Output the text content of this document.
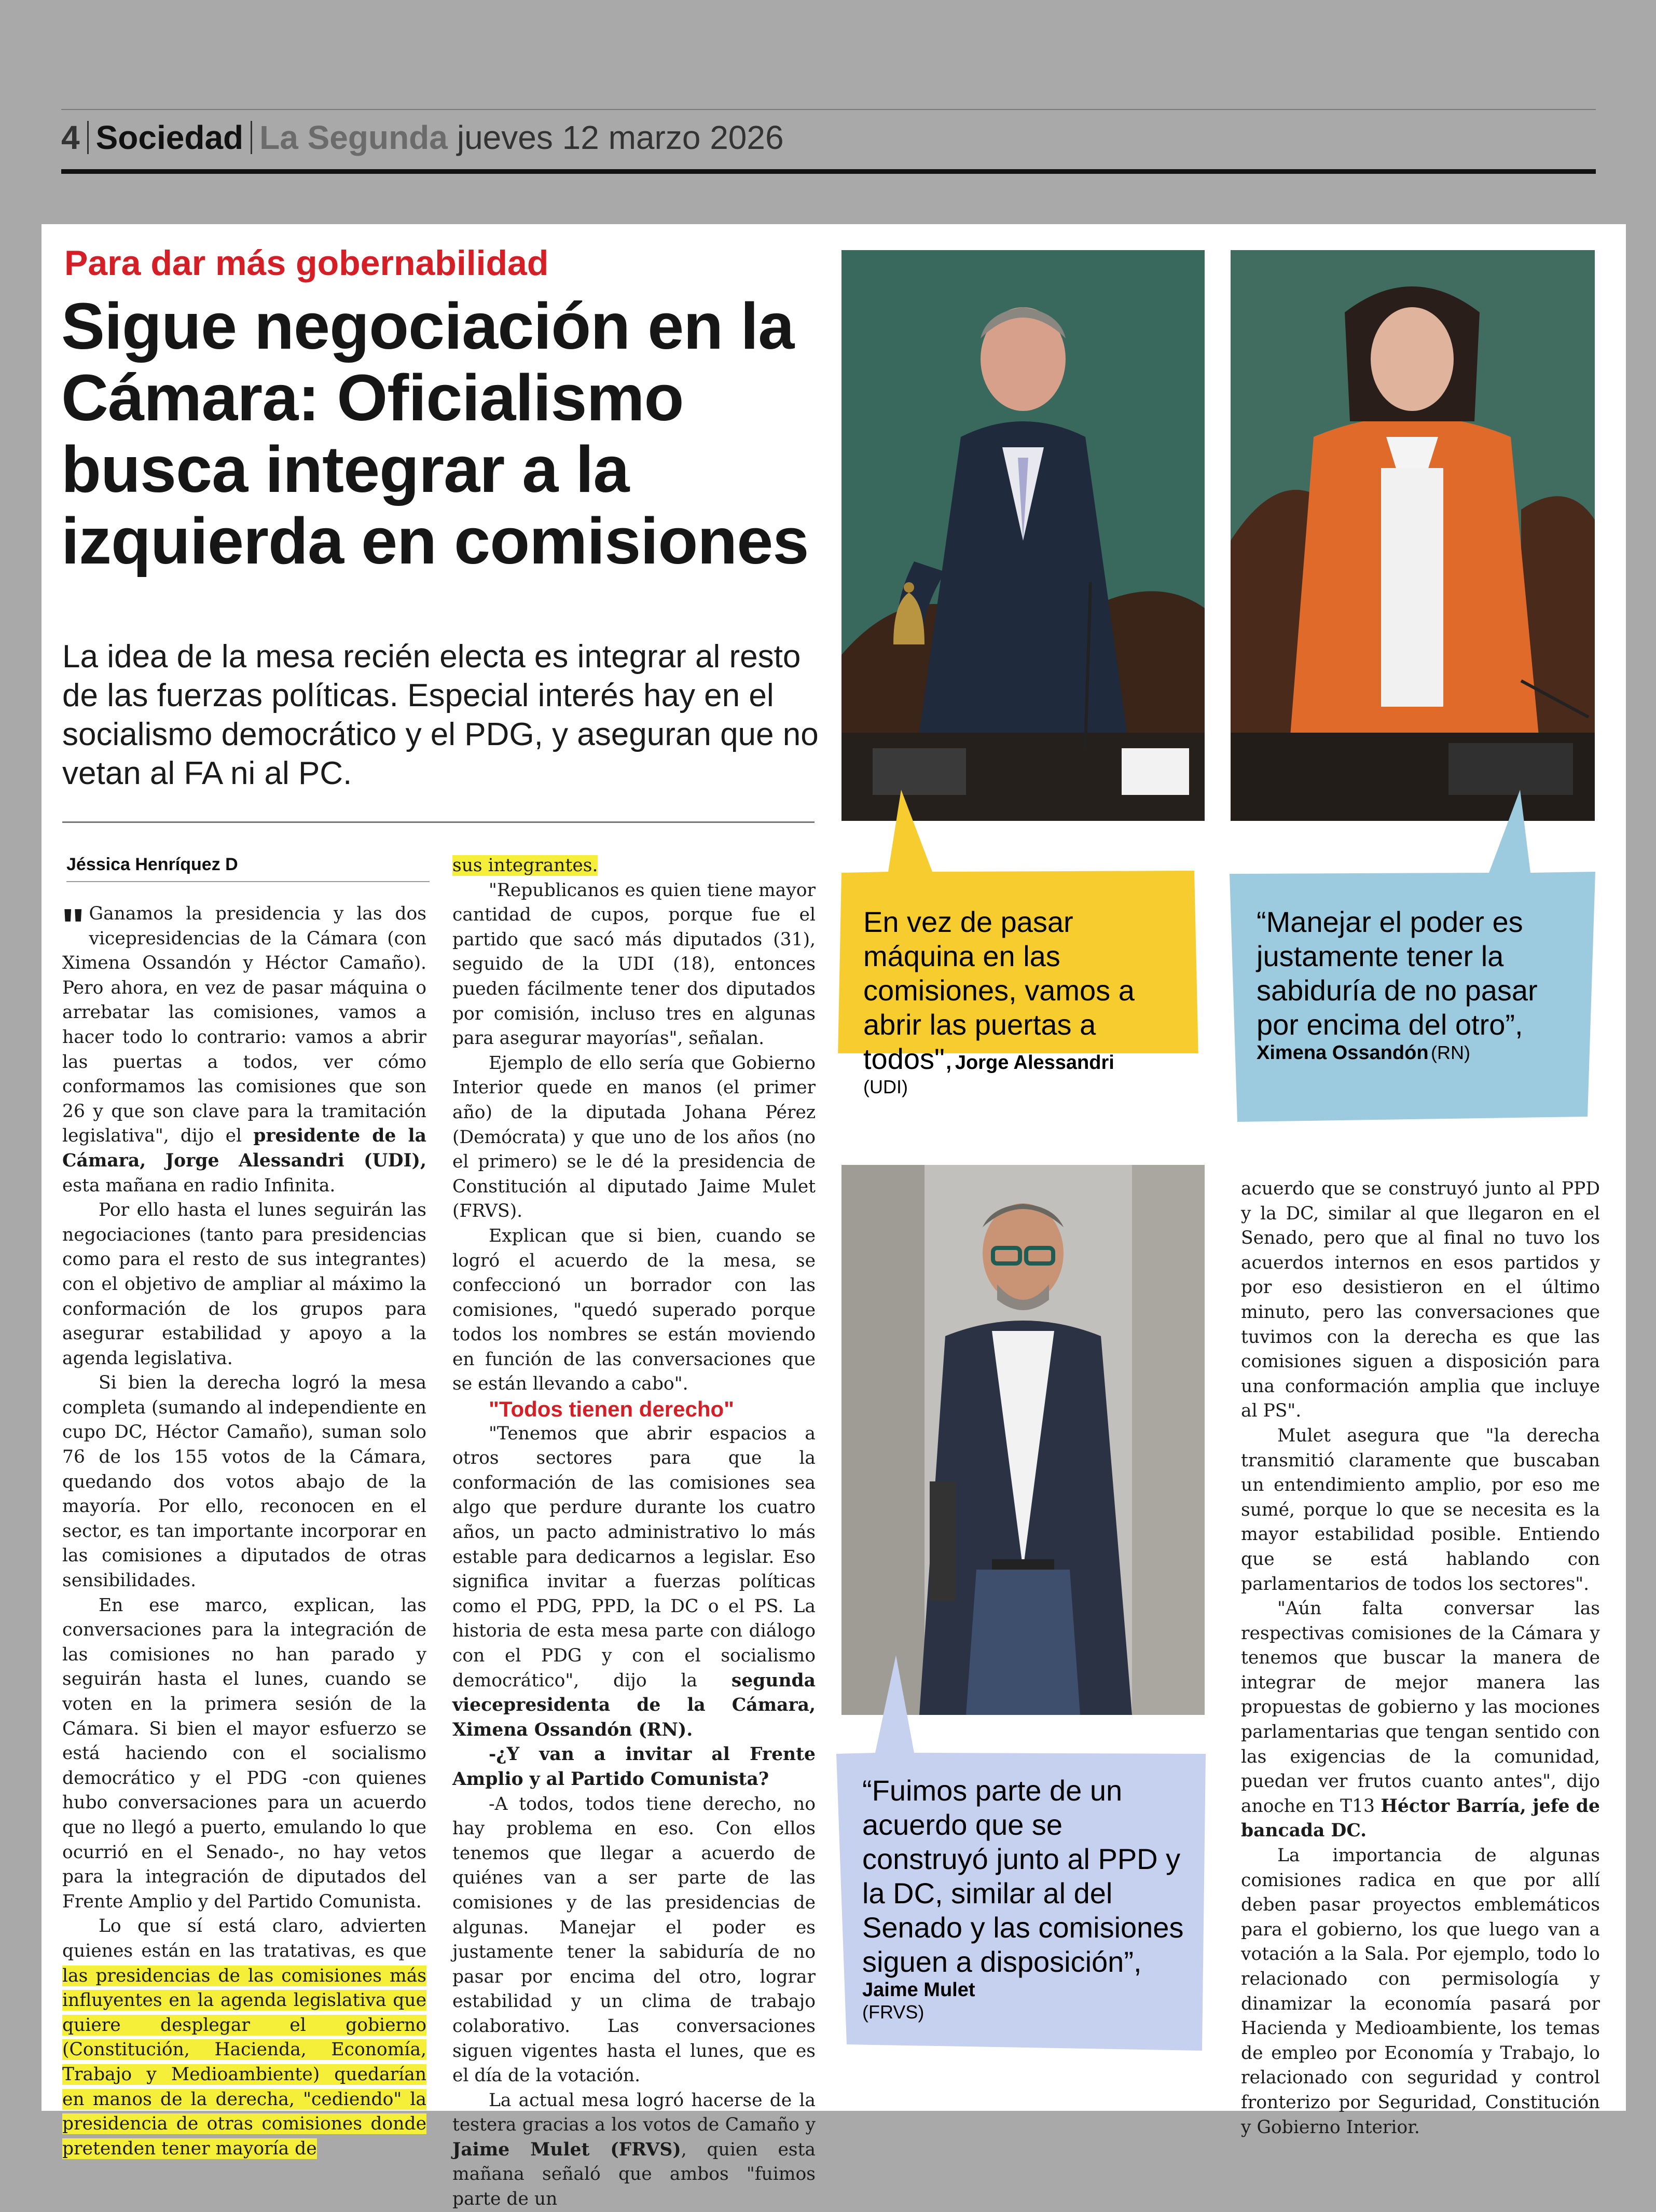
4 Sociedad La Segunda jueves 12 marzo 2026
Para dar más gobernabilidad
Sigue negociación en la Cámara: Oficialismo busca integrar a la izquierda en comisiones
La idea de la mesa recién electa es integrar al resto de las fuerzas políticas. Especial interés hay en el socialismo democrático y el PDG, y aseguran que no vetan al FA ni al PC.
Jéssica Henríquez D

" Ganamos la presidencia y las dos vicepresidencias de la Cámara (con Ximena Ossandón y Héctor Camaño). Pero ahora, en vez de pasar máquina o arrebatar las comisiones, vamos a hacer todo lo contrario: vamos a abrir las puertas a todos, ver cómo conformamos las comisiones que son 26 y que son clave para la tramitación legislativa", dijo el presidente de la Cámara, Jorge Alessandri (UDI), esta mañana en radio Infinita.

Por ello hasta el lunes seguirán las negociaciones (tanto para presidencias como para el resto de sus integrantes) con el objetivo de ampliar al máximo la conformación de los grupos para asegurar estabilidad y apoyo a la agenda legislativa.

Si bien la derecha logró la mesa completa (sumando al independiente en cupo DC, Héctor Camaño), suman solo 76 de los 155 votos de la Cámara, quedando dos votos abajo de la mayoría. Por ello, reconocen en el sector, es tan importante incorporar en las comisiones a diputados de otras sensibilidades.

En ese marco, explican, las conversaciones para la integración de las comisiones no han parado y seguirán hasta el lunes, cuando se voten en la primera sesión de la Cámara. Si bien el mayor esfuerzo se está haciendo con el socialismo democrático y el PDG -con quienes hubo conversaciones para un acuerdo que no llegó a puerto, emulando lo que ocurrió en el Senado-, no hay vetos para la integración de diputados del Frente Amplio y del Partido Comunista.

Lo que sí está claro, advierten quienes están en las tratativas, es que las presidencias de las comisiones más influyentes en la agenda legislativa que quiere desplegar el gobierno (Constitución, Hacienda, Economía, Trabajo y Medioambiente) quedarían en manos de la derecha, "cediendo" la presidencia de otras comisiones donde pretenden tener mayoría de

sus integrantes.

"Republicanos es quien tiene mayor cantidad de cupos, porque fue el partido que sacó más diputados (31), seguido de la UDI (18), entonces pueden fácilmente tener dos diputados por comisión, incluso tres en algunas para asegurar mayorías", señalan.

Ejemplo de ello sería que Gobierno Interior quede en manos (el primer año) de la diputada Johana Pérez (Demócrata) y que uno de los años (no el primero) se le dé la presidencia de Constitución al diputado Jaime Mulet (FRVS).

Explican que si bien, cuando se logró el acuerdo de la mesa, se confeccionó un borrador con las comisiones, "quedó superado porque todos los nombres se están moviendo en función de las conversaciones que se están llevando a cabo".

"Todos tienen derecho"

"Tenemos que abrir espacios a otros sectores para que la conformación de las comisiones sea algo que perdure durante los cuatro años, un pacto administrativo lo más estable para dedicarnos a legislar. Eso significa invitar a fuerzas políticas como el PDG, PPD, la DC o el PS. La historia de esta mesa parte con diálogo con el PDG y con el socialismo democrático", dijo la segunda viecepresidenta de la Cámara, Ximena Ossandón (RN).

-¿Y van a invitar al Frente Amplio y al Partido Comunista?

-A todos, todos tiene derecho, no hay problema en eso. Con ellos tenemos que llegar a acuerdo de quiénes van a ser parte de las comisiones y de las presidencias de algunas. Manejar el poder es justamente tener la sabiduría de no pasar por encima del otro, lograr estabilidad y un clima de trabajo colaborativo. Las conversaciones siguen vigentes hasta el lunes, que es el día de la votación.

La actual mesa logró hacerse de la testera gracias a los votos de Camaño y Jaime Mulet (FRVS), quien esta mañana señaló que ambos "fuimos parte de un

acuerdo que se construyó junto al PPD y la DC, similar al que llegaron en el Senado, pero que al final no tuvo los acuerdos internos en esos partidos y por eso desistieron en el último minuto, pero las conversaciones que tuvimos con la derecha es que las comisiones siguen a disposición para una conformación amplia que incluye al PS".

Mulet asegura que "la derecha transmitió claramente que buscaban un entendimiento amplio, por eso me sumé, porque lo que se necesita es la mayor estabilidad posible. Entiendo que se está hablando con parlamentarios de todos los sectores".

"Aún falta conversar las respectivas comisiones de la Cámara y tenemos que buscar la manera de integrar de mejor manera las propuestas de gobierno y las mociones parlamentarias que tengan sentido con las exigencias de la comunidad, puedan ver frutos cuanto antes", dijo anoche en T13 Héctor Barría, jefe de bancada DC.

La importancia de algunas comisiones radica en que por allí deben pasar proyectos emblemáticos para el gobierno, los que luego van a votación a la Sala. Por ejemplo, todo lo relacionado con permisología y dinamizar la economía pasará por Hacienda y Medioambiente, los temas de empleo por Economía y Trabajo, lo relacionado con seguridad y control fronterizo por Seguridad, Constitución y Gobierno Interior.

En vez de pasar máquina en las comisiones, vamos a abrir las puertas a todos", Jorge Alessandri
(UDI)
“Manejar el poder es justamente tener la sabiduría de no pasar por encima del otro”,
Ximena Ossandón (RN)
“Fuimos parte de un acuerdo que se construyó junto al PPD y la DC, similar al del Senado y las comisiones siguen a disposición”, Jaime Mulet
(FRVS)
